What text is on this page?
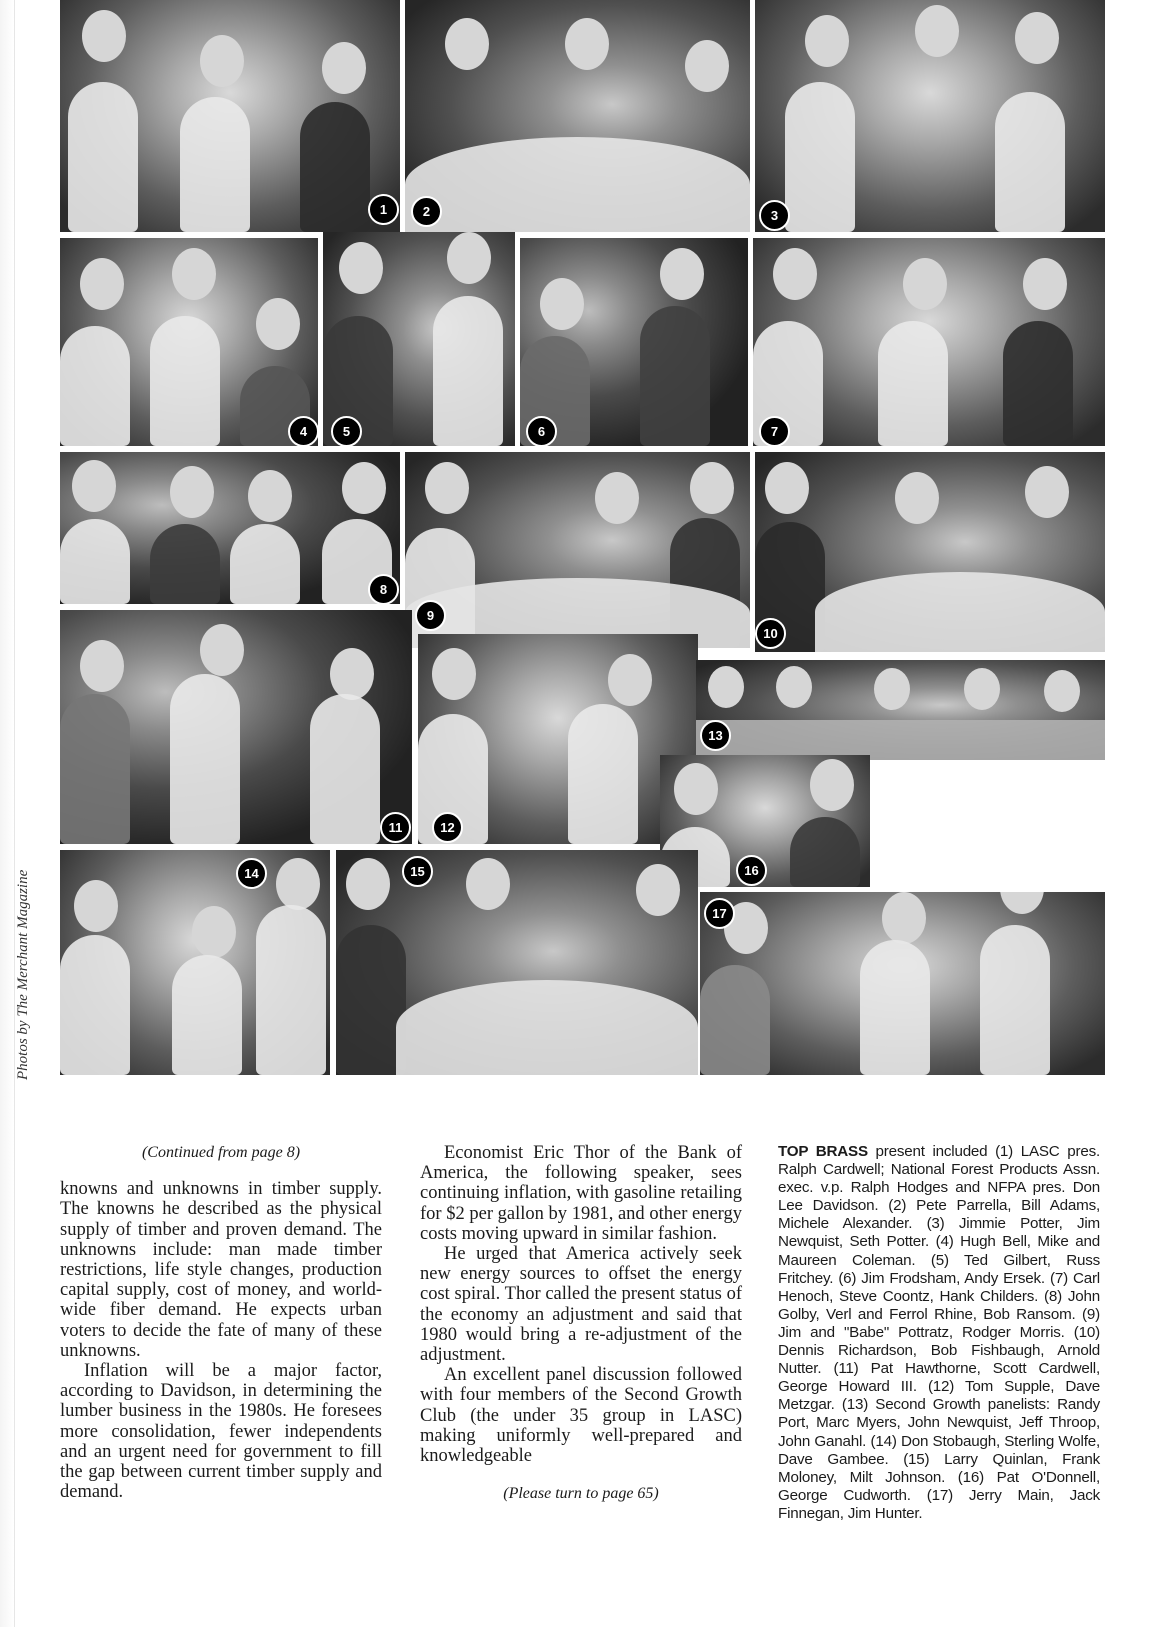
1	2	3
4	5	6	7
8
9
10
11	12
13
16
14	15
17
Photos by The Merchant Magazine

(Continued from page 8)

knowns and unknowns in timber supply. The knowns he described as the physical supply of timber and proven demand. The unknowns include: man made timber restrictions, life style changes, production capital supply, cost of money, and world-wide fiber demand. He expects urban voters to decide the fate of many of these unknowns.

Inflation will be a major factor, according to Davidson, in determining the lumber business in the 1980s. He foresees more consolidation, fewer independents and an urgent need for government to fill the gap between current timber supply and demand.

Economist Eric Thor of the Bank of America, the following speaker, sees continuing inflation, with gasoline retailing for $2 per gallon by 1981, and other energy costs moving upward in similar fashion.

He urged that America actively seek new energy sources to offset the energy cost spiral. Thor called the present status of the economy an adjustment and said that 1980 would bring a re-adjustment of the adjustment.

An excellent panel discussion followed with four members of the Second Growth Club (the under 35 group in LASC) making uniformly well-prepared and knowledgeable

(Please turn to page 65)

TOP BRASS present included (1) LASC pres. Ralph Cardwell; National Forest Products Assn. exec. v.p. Ralph Hodges and NFPA pres. Don Lee Davidson. (2) Pete Parrella, Bill Adams, Michele Alexander. (3) Jimmie Potter, Jim Newquist, Seth Potter. (4) Hugh Bell, Mike and Maureen Coleman. (5) Ted Gilbert, Russ Fritchey. (6) Jim Frodsham, Andy Ersek. (7) Carl Henoch, Steve Coontz, Hank Childers. (8) John Golby, Verl and Ferrol Rhine, Bob Ransom. (9) Jim and "Babe" Pottratz, Rodger Morris. (10) Dennis Richardson, Bob Fishbaugh, Arnold Nutter. (11) Pat Hawthorne, Scott Cardwell, George Howard III. (12) Tom Supple, Dave Metzgar. (13) Second Growth panelists: Randy Port, Marc Myers, John Newquist, Jeff Throop, John Ganahl. (14) Don Stobaugh, Sterling Wolfe, Dave Gambee. (15) Larry Quinlan, Frank Moloney, Milt Johnson. (16) Pat O'Donnell, George Cudworth. (17) Jerry Main, Jack Finnegan, Jim Hunter.
